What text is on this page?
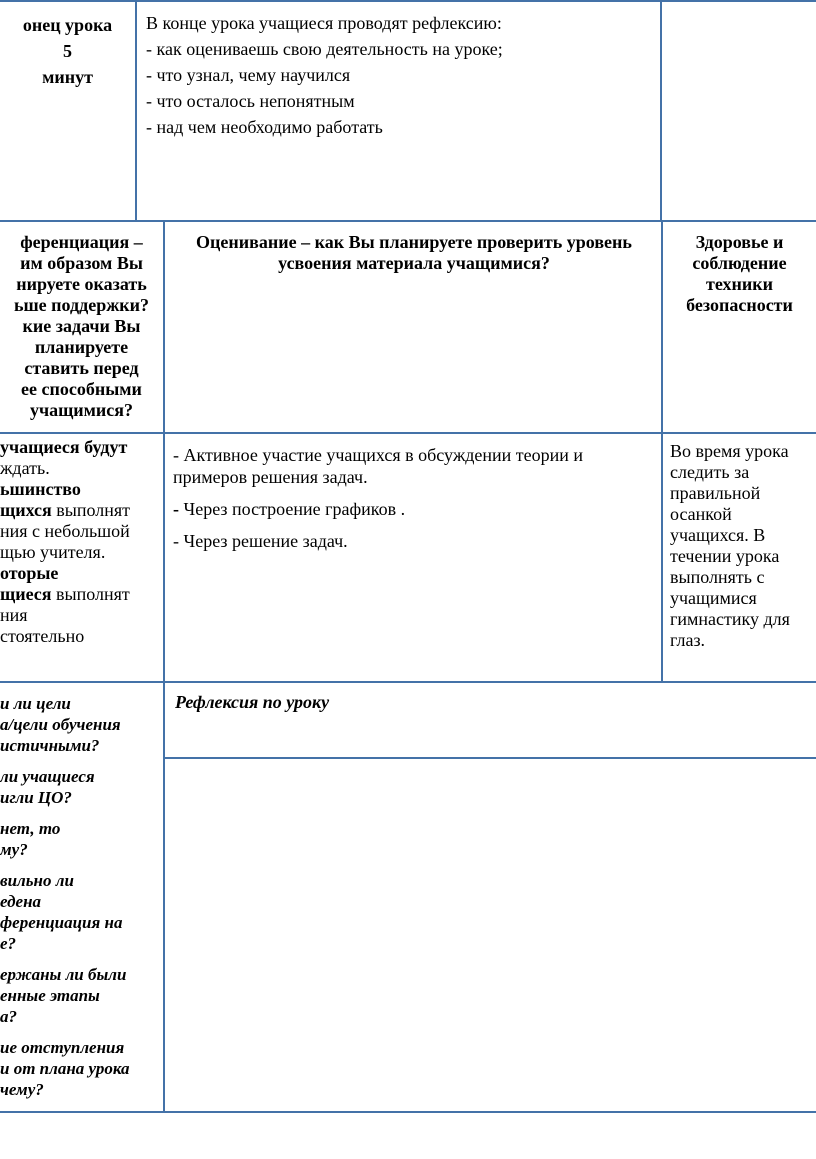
онец урока

5

минут

В конце урока учащиеся проводят рефлексию:

- как оцениваешь свою деятельность на уроке;

- что узнал, чему научился

- что осталось непонятным

- над чем необходимо работать

ференциация –

им образом Вы

нируете оказать

ьше поддержки?

кие задачи Вы

планируете

ставить перед

ее способными

учащимися?

Оценивание – как Вы планируете проверить уровень усвоения материала учащимися?

Здоровье и

соблюдение

техники

безопасности

учащиеся будут

ждать.

ьшинство

щихся выполнят

ния с небольшой

щью учителя.

оторые

щиеся выполнят

ния

стоятельно

- Активное участие учащихся в обсуждении теории и примеров решения задач.

- Через построение графиков .

- Через решение задач.

Во время урока

следить за

правильной

осанкой

учащихся. В

течении урока

выполнять с

учащимися

гимнастику для

глаз.

и ли цели

а/цели обучения

истичными?

ли учащиеся

игли ЦО?

нет, то

му?

вильно ли

едена

ференциация на

е?

ержаны ли были

енные этапы

а?

ие отступления

и от плана урока

чему?

Рефлексия по уроку
